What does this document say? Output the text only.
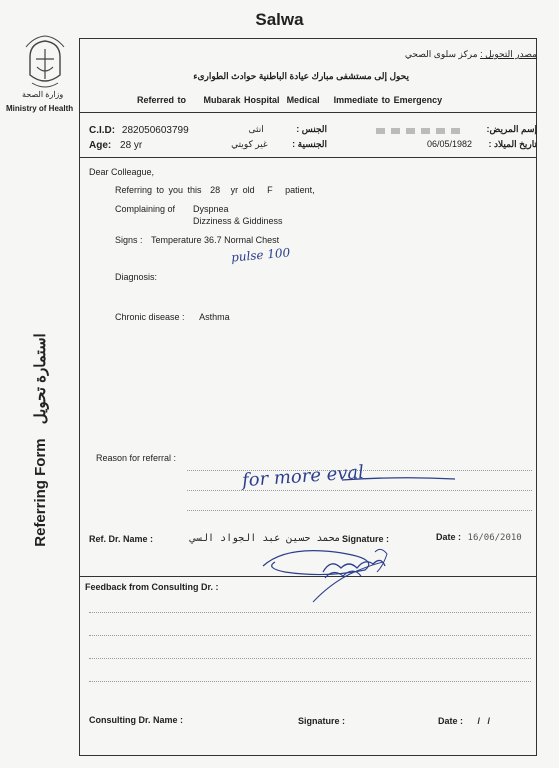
Salwa
وزارة الصحة
Ministry of Health
Referring Form استمارة تحويل
مصدر التحويل : مركز سلوى الصحي
يحول إلى مستشفى مبارك عيادة الباطنية حوادث الطوارىء
Referred to Mubarak Hospital Medical Immediate to Emergency
C.I.D: 282050603799
Age: 28 yr
الجنس : انثى
الجنسية : غير كويتي
إسم المريض:
تاريخ الميلاد : 06/05/1982
Dear Colleague,
Referring to you this 28 yr old F patient,
Complaining of Dyspnea
Dizziness & Giddiness
Signs : Temperature 36.7 Normal Chest
pulse 100
Diagnosis:
Chronic disease : Asthma
Reason for referral :
for more eval
Ref. Dr. Name :	محمد حسين عبد الجواد السي Signature :	Date : 16/06/2010
Feedback from Consulting Dr. :
Consulting Dr. Name :	Signature :	Date : /   /
